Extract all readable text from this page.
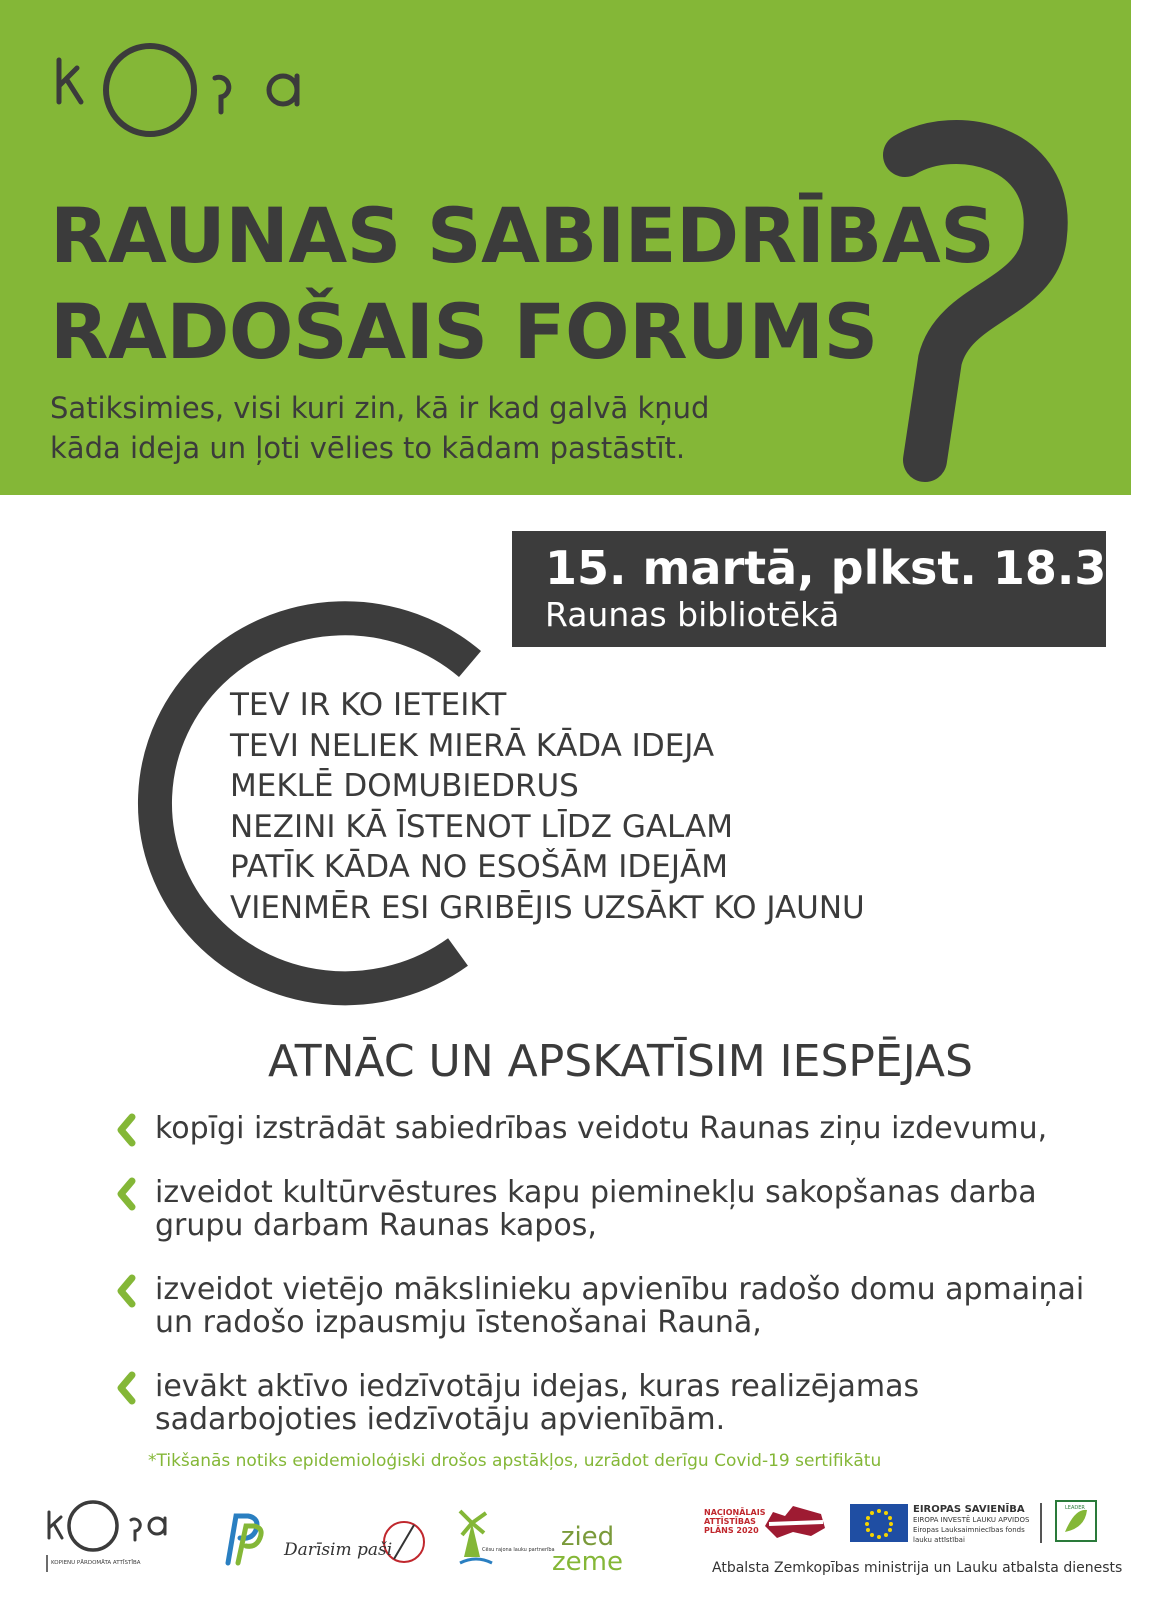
RAUNAS SABIEDRĪBAS
RADOŠAIS FORUMS

Satiksimies, visi kuri zin, kā ir kad galvā kņud
kāda ideja un ļoti vēlies to kādam pastāstīt.

15. martā, plkst. 18.30,
Raunas bibliotēkā
TEV IR KO IETEIKT
TEVI NELIEK MIERĀ KĀDA IDEJA
MEKLĒ DOMUBIEDRUS
NEZINI KĀ ĪSTENOT LĪDZ GALAM
PATĪK KĀDA NO ESOŠĀM IDEJĀM
VIENMĒR ESI GRIBĒJIS UZSĀKT KO JAUNU
ATNĀC UN APSKATĪSIM IESPĒJAS
kopīgi izstrādāt sabiedrības veidotu Raunas ziņu izdevumu,
izveidot kultūrvēstures kapu pieminekļu sakopšanas darba grupu darbam Raunas kapos,
izveidot vietējo mākslinieku apvienību radošo domu apmaiņai un radošo izpausmju īstenošanai Raunā,
ievākt aktīvo iedzīvotāju idejas, kuras realizējamas sadarbojoties iedzīvotāju apvienībām.
*Tikšanās notiks epidemioloģiski drošos apstākļos, uzrādot derīgu Covid-19 sertifikātu
KOPIENU PĀRDOMĀTA ATTĪSTĪBA
Darīsim paši	Cēsu rajona lauku partnerība zied
zeme
NACIONĀLAIS ATTĪSTĪBAS PLĀNS 2020
EIROPAS SAVIENĪBA
EIROPA INVESTĒ LAUKU APVIDOS
Eiropas Lauksaimniecības fonds lauku attīstībai
LEADER
Atbalsta Zemkopības ministrija un Lauku atbalsta dienests
